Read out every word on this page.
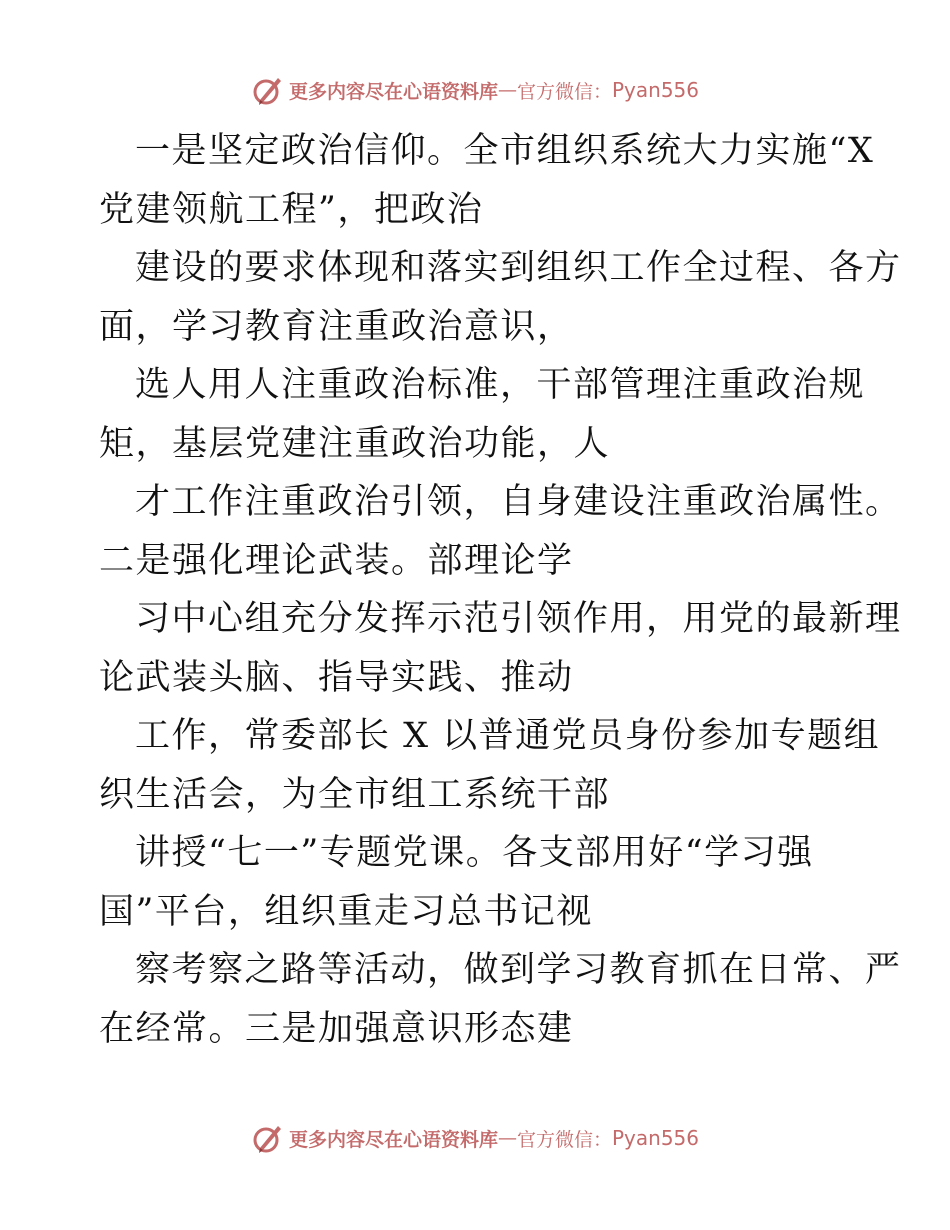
更多内容尽在心语资料库 — 官方微信： Pyan556
一是坚定政治信仰。全市组织系统大力实施“X
党建领航工程”，把政治
建设的要求体现和落实到组织工作全过程、各方
面，学习教育注重政治意识，
选人用人注重政治标准，干部管理注重政治规
矩，基层党建注重政治功能，人
才工作注重政治引领，自身建设注重政治属性。
二是强化理论武装。部理论学
习中心组充分发挥示范引领作用，用党的最新理
论武装头脑、指导实践、推动
工作，常委部长 X 以普通党员身份参加专题组
织生活会，为全市组工系统干部
讲授“七一”专题党课。各支部用好“学习强
国”平台，组织重走习总书记视
察考察之路等活动，做到学习教育抓在日常、严
在经常。三是加强意识形态建
更多内容尽在心语资料库 — 官方微信： Pyan556
